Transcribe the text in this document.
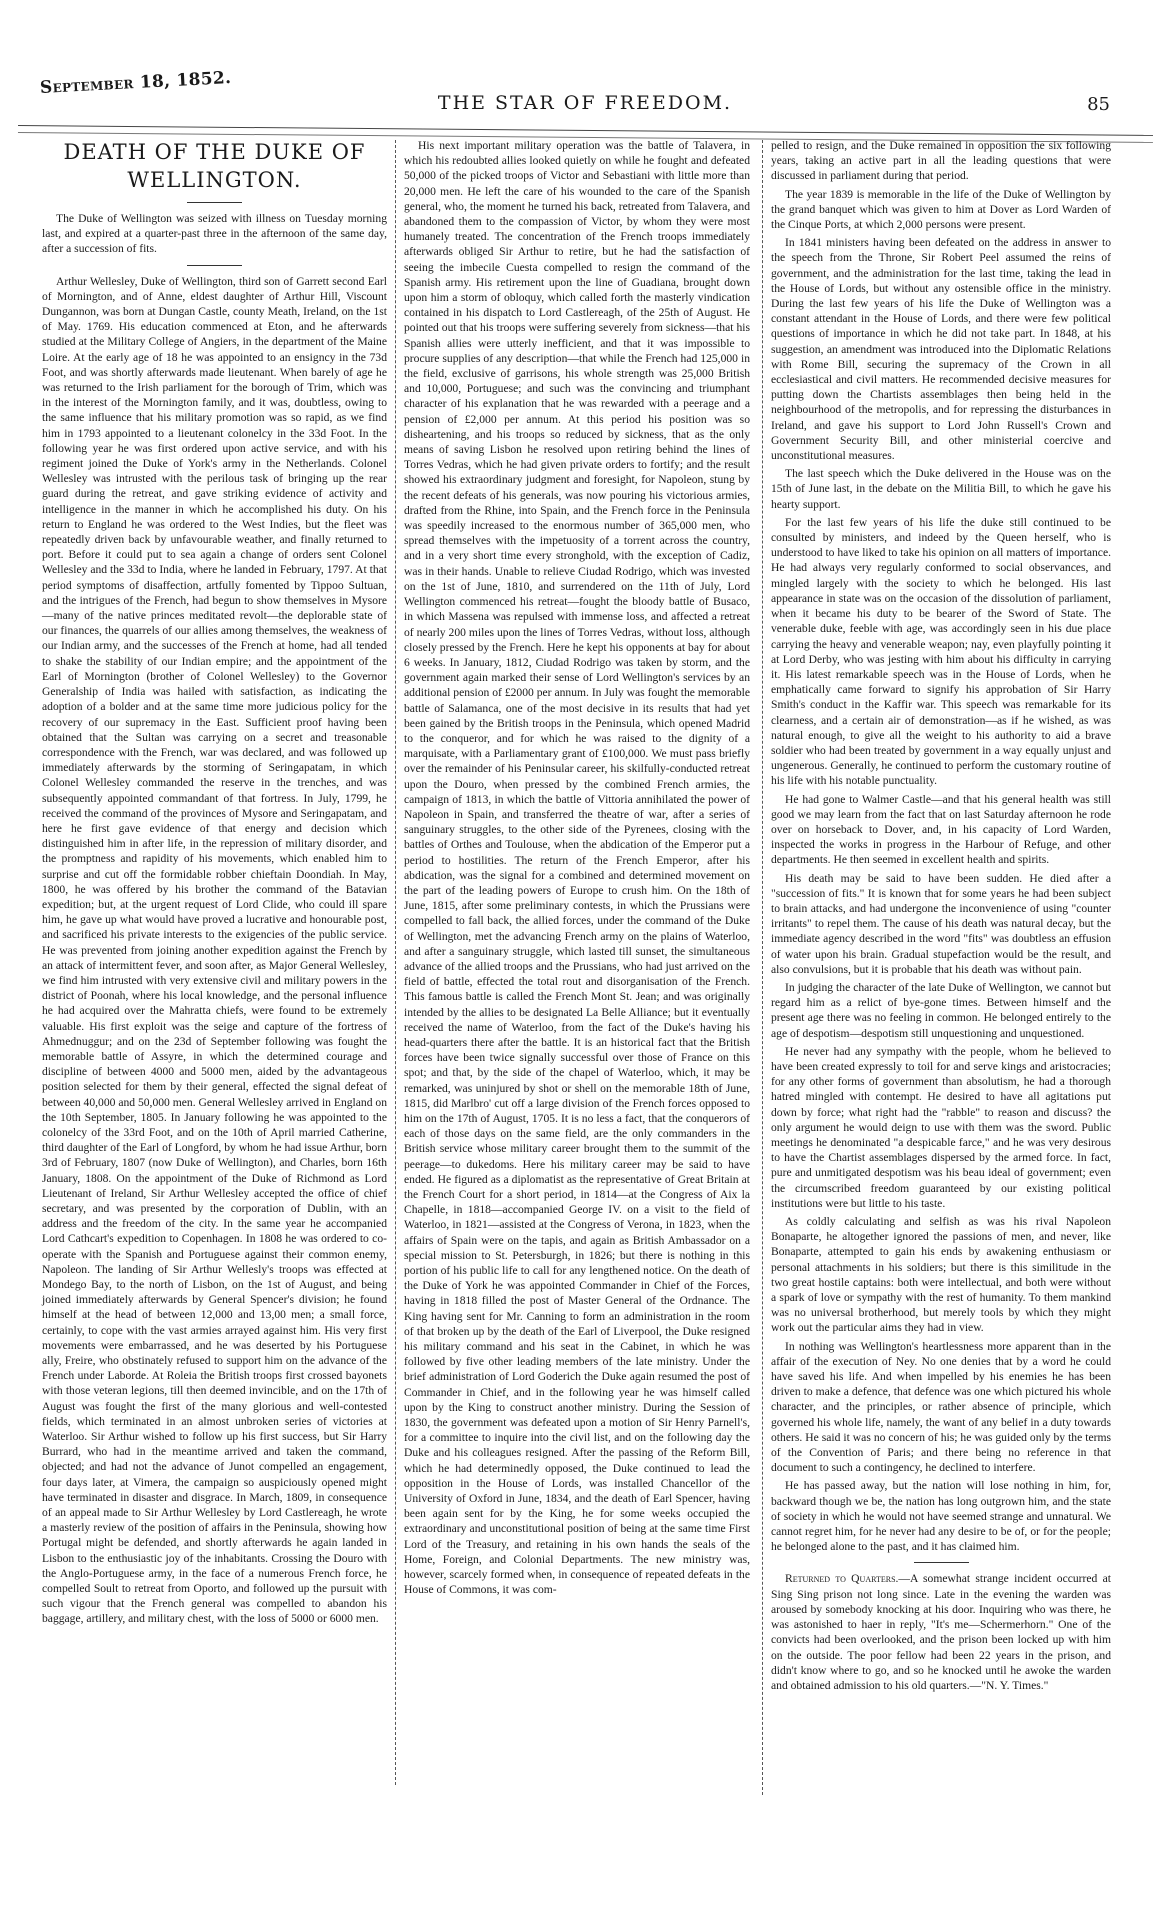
September 18, 1852.
THE STAR OF FREEDOM.	85
DEATH OF THE DUKE OF
WELLINGTON.

The Duke of Wellington was seized with illness on Tuesday morning last, and expired at a quarter-past three in the afternoon of the same day, after a succession of fits.

Arthur Wellesley, Duke of Wellington, third son of Garrett second Earl of Mornington, and of Anne, eldest daughter of Arthur Hill, Viscount Dungannon, was born at Dungan Castle, county Meath, Ireland, on the 1st of May. 1769. His education commenced at Eton, and he afterwards studied at the Military College of Angiers, in the department of the Maine Loire. At the early age of 18 he was appointed to an ensigncy in the 73d Foot, and was shortly afterwards made lieutenant. When barely of age he was returned to the Irish parliament for the borough of Trim, which was in the interest of the Mornington family, and it was, doubtless, owing to the same influence that his military promotion was so rapid, as we find him in 1793 appointed to a lieutenant colonelcy in the 33d Foot. In the following year he was first ordered upon active service, and with his regiment joined the Duke of York's army in the Netherlands. Colonel Wellesley was intrusted with the perilous task of bringing up the rear guard during the retreat, and gave striking evidence of activity and intelligence in the manner in which he accomplished his duty. On his return to England he was ordered to the West Indies, but the fleet was repeatedly driven back by unfavourable weather, and finally returned to port. Before it could put to sea again a change of orders sent Colonel Wellesley and the 33d to India, where he landed in February, 1797. At that period symptoms of disaffection, artfully fomented by Tippoo Sultuan, and the intrigues of the French, had begun to show themselves in Mysore—many of the native princes meditated revolt—the deplorable state of our finances, the quarrels of our allies among themselves, the weakness of our Indian army, and the successes of the French at home, had all tended to shake the stability of our Indian empire; and the appointment of the Earl of Mornington (brother of Colonel Wellesley) to the Governor Generalship of India was hailed with satisfaction, as indicating the adoption of a bolder and at the same time more judicious policy for the recovery of our supremacy in the East. Sufficient proof having been obtained that the Sultan was carrying on a secret and treasonable correspondence with the French, war was declared, and was followed up immediately afterwards by the storming of Seringapatam, in which Colonel Wellesley commanded the reserve in the trenches, and was subsequently appointed commandant of that fortress. In July, 1799, he received the command of the provinces of Mysore and Seringapatam, and here he first gave evidence of that energy and decision which distinguished him in after life, in the repression of military disorder, and the promptness and rapidity of his movements, which enabled him to surprise and cut off the formidable robber chieftain Doondiah. In May, 1800, he was offered by his brother the command of the Batavian expedition; but, at the urgent request of Lord Clide, who could ill spare him, he gave up what would have proved a lucrative and honourable post, and sacrificed his private interests to the exigencies of the public service. He was prevented from joining another expedition against the French by an attack of intermittent fever, and soon after, as Major General Wellesley, we find him intrusted with very extensive civil and military powers in the district of Poonah, where his local knowledge, and the personal influence he had acquired over the Mahratta chiefs, were found to be extremely valuable. His first exploit was the seige and capture of the fortress of Ahmednuggur; and on the 23d of September following was fought the memorable battle of Assyre, in which the determined courage and discipline of between 4000 and 5000 men, aided by the advantageous position selected for them by their general, effected the signal defeat of between 40,000 and 50,000 men. General Wellesley arrived in England on the 10th September, 1805. In January following he was appointed to the colonelcy of the 33rd Foot, and on the 10th of April married Catherine, third daughter of the Earl of Longford, by whom he had issue Arthur, born 3rd of February, 1807 (now Duke of Wellington), and Charles, born 16th January, 1808. On the appointment of the Duke of Richmond as Lord Lieutenant of Ireland, Sir Arthur Wellesley accepted the office of chief secretary, and was presented by the corporation of Dublin, with an address and the freedom of the city. In the same year he accompanied Lord Cathcart's expedition to Copenhagen. In 1808 he was ordered to co-operate with the Spanish and Portuguese against their common enemy, Napoleon. The landing of Sir Arthur Wellesly's troops was effected at Mondego Bay, to the north of Lisbon, on the 1st of August, and being joined immediately afterwards by General Spencer's division; he found himself at the head of between 12,000 and 13,00 men; a small force, certainly, to cope with the vast armies arrayed against him. His very first movements were embarrassed, and he was deserted by his Portuguese ally, Freire, who obstinately refused to support him on the advance of the French under Laborde. At Roleia the British troops first crossed bayonets with those veteran legions, till then deemed invincible, and on the 17th of August was fought the first of the many glorious and well-contested fields, which terminated in an almost unbroken series of victories at Waterloo. Sir Arthur wished to follow up his first success, but Sir Harry Burrard, who had in the meantime arrived and taken the command, objected; and had not the advance of Junot compelled an engagement, four days later, at Vimera, the campaign so auspiciously opened might have terminated in disaster and disgrace. In March, 1809, in consequence of an appeal made to Sir Arthur Wellesley by Lord Castlereagh, he wrote a masterly review of the position of affairs in the Peninsula, showing how Portugal might be defended, and shortly afterwards he again landed in Lisbon to the enthusiastic joy of the inhabitants. Crossing the Douro with the Anglo-Portuguese army, in the face of a numerous French force, he compelled Soult to retreat from Oporto, and followed up the pursuit with such vigour that the French general was compelled to abandon his baggage, artillery, and military chest, with the loss of 5000 or 6000 men.

His next important military operation was the battle of Talavera, in which his redoubted allies looked quietly on while he fought and defeated 50,000 of the picked troops of Victor and Sebastiani with little more than 20,000 men. He left the care of his wounded to the care of the Spanish general, who, the moment he turned his back, retreated from Talavera, and abandoned them to the compassion of Victor, by whom they were most humanely treated. The concentration of the French troops immediately afterwards obliged Sir Arthur to retire, but he had the satisfaction of seeing the imbecile Cuesta compelled to resign the command of the Spanish army. His retirement upon the line of Guadiana, brought down upon him a storm of obloquy, which called forth the masterly vindication contained in his dispatch to Lord Castlereagh, of the 25th of August. He pointed out that his troops were suffering severely from sickness—that his Spanish allies were utterly inefficient, and that it was impossible to procure supplies of any description—that while the French had 125,000 in the field, exclusive of garrisons, his whole strength was 25,000 British and 10,000, Portuguese; and such was the convincing and triumphant character of his explanation that he was rewarded with a peerage and a pension of £2,000 per annum. At this period his position was so disheartening, and his troops so reduced by sickness, that as the only means of saving Lisbon he resolved upon retiring behind the lines of Torres Vedras, which he had given private orders to fortify; and the result showed his extraordinary judgment and foresight, for Napoleon, stung by the recent defeats of his generals, was now pouring his victorious armies, drafted from the Rhine, into Spain, and the French force in the Peninsula was speedily increased to the enormous number of 365,000 men, who spread themselves with the impetuosity of a torrent across the country, and in a very short time every stronghold, with the exception of Cadiz, was in their hands. Unable to relieve Ciudad Rodrigo, which was invested on the 1st of June, 1810, and surrendered on the 11th of July, Lord Wellington commenced his retreat—fought the bloody battle of Busaco, in which Massena was repulsed with immense loss, and affected a retreat of nearly 200 miles upon the lines of Torres Vedras, without loss, although closely pressed by the French. Here he kept his opponents at bay for about 6 weeks. In January, 1812, Ciudad Rodrigo was taken by storm, and the government again marked their sense of Lord Wellington's services by an additional pension of £2000 per annum. In July was fought the memorable battle of Salamanca, one of the most decisive in its results that had yet been gained by the British troops in the Peninsula, which opened Madrid to the conqueror, and for which he was raised to the dignity of a marquisate, with a Parliamentary grant of £100,000. We must pass briefly over the remainder of his Peninsular career, his skilfully-conducted retreat upon the Douro, when pressed by the combined French armies, the campaign of 1813, in which the battle of Vittoria annihilated the power of Napoleon in Spain, and transferred the theatre of war, after a series of sanguinary struggles, to the other side of the Pyrenees, closing with the battles of Orthes and Toulouse, when the abdication of the Emperor put a period to hostilities. The return of the French Emperor, after his abdication, was the signal for a combined and determined movement on the part of the leading powers of Europe to crush him. On the 18th of June, 1815, after some preliminary contests, in which the Prussians were compelled to fall back, the allied forces, under the command of the Duke of Wellington, met the advancing French army on the plains of Waterloo, and after a sanguinary struggle, which lasted till sunset, the simultaneous advance of the allied troops and the Prussians, who had just arrived on the field of battle, effected the total rout and disorganisation of the French. This famous battle is called the French Mont St. Jean; and was originally intended by the allies to be designated La Belle Alliance; but it eventually received the name of Waterloo, from the fact of the Duke's having his head-quarters there after the battle. It is an historical fact that the British forces have been twice signally successful over those of France on this spot; and that, by the side of the chapel of Waterloo, which, it may be remarked, was uninjured by shot or shell on the memorable 18th of June, 1815, did Marlbro' cut off a large division of the French forces opposed to him on the 17th of August, 1705. It is no less a fact, that the conquerors of each of those days on the same field, are the only commanders in the British service whose military career brought them to the summit of the peerage—to dukedoms. Here his military career may be said to have ended. He figured as a diplomatist as the representative of Great Britain at the French Court for a short period, in 1814—at the Congress of Aix la Chapelle, in 1818—accompanied George IV. on a visit to the field of Waterloo, in 1821—assisted at the Congress of Verona, in 1823, when the affairs of Spain were on the tapis, and again as British Ambassador on a special mission to St. Petersburgh, in 1826; but there is nothing in this portion of his public life to call for any lengthened notice. On the death of the Duke of York he was appointed Commander in Chief of the Forces, having in 1818 filled the post of Master General of the Ordnance. The King having sent for Mr. Canning to form an administration in the room of that broken up by the death of the Earl of Liverpool, the Duke resigned his military command and his seat in the Cabinet, in which he was followed by five other leading members of the late ministry. Under the brief administration of Lord Goderich the Duke again resumed the post of Commander in Chief, and in the following year he was himself called upon by the King to construct another ministry. During the Session of 1830, the government was defeated upon a motion of Sir Henry Parnell's, for a committee to inquire into the civil list, and on the following day the Duke and his colleagues resigned. After the passing of the Reform Bill, which he had determinedly opposed, the Duke continued to lead the opposition in the House of Lords, was installed Chancellor of the University of Oxford in June, 1834, and the death of Earl Spencer, having been again sent for by the King, he for some weeks occupied the extraordinary and unconstitutional position of being at the same time First Lord of the Treasury, and retaining in his own hands the seals of the Home, Foreign, and Colonial Departments. The new ministry was, however, scarcely formed when, in consequence of repeated defeats in the House of Commons, it was com-

pelled to resign, and the Duke remained in opposition the six following years, taking an active part in all the leading questions that were discussed in parliament during that period.

The year 1839 is memorable in the life of the Duke of Wellington by the grand banquet which was given to him at Dover as Lord Warden of the Cinque Ports, at which 2,000 persons were present.

In 1841 ministers having been defeated on the address in answer to the speech from the Throne, Sir Robert Peel assumed the reins of government, and the administration for the last time, taking the lead in the House of Lords, but without any ostensible office in the ministry. During the last few years of his life the Duke of Wellington was a constant attendant in the House of Lords, and there were few political questions of importance in which he did not take part. In 1848, at his suggestion, an amendment was introduced into the Diplomatic Relations with Rome Bill, securing the supremacy of the Crown in all ecclesiastical and civil matters. He recommended decisive measures for putting down the Chartists assemblages then being held in the neighbourhood of the metropolis, and for repressing the disturbances in Ireland, and gave his support to Lord John Russell's Crown and Government Security Bill, and other ministerial coercive and unconstitutional measures.

The last speech which the Duke delivered in the House was on the 15th of June last, in the debate on the Militia Bill, to which he gave his hearty support.

For the last few years of his life the duke still continued to be consulted by ministers, and indeed by the Queen herself, who is understood to have liked to take his opinion on all matters of importance. He had always very regularly conformed to social observances, and mingled largely with the society to which he belonged. His last appearance in state was on the occasion of the dissolution of parliament, when it became his duty to be bearer of the Sword of State. The venerable duke, feeble with age, was accordingly seen in his due place carrying the heavy and venerable weapon; nay, even playfully pointing it at Lord Derby, who was jesting with him about his difficulty in carrying it. His latest remarkable speech was in the House of Lords, when he emphatically came forward to signify his approbation of Sir Harry Smith's conduct in the Kaffir war. This speech was remarkable for its clearness, and a certain air of demonstration—as if he wished, as was natural enough, to give all the weight to his authority to aid a brave soldier who had been treated by government in a way equally unjust and ungenerous. Generally, he continued to perform the customary routine of his life with his notable punctuality.

He had gone to Walmer Castle—and that his general health was still good we may learn from the fact that on last Saturday afternoon he rode over on horseback to Dover, and, in his capacity of Lord Warden, inspected the works in progress in the Harbour of Refuge, and other departments. He then seemed in excellent health and spirits.

His death may be said to have been sudden. He died after a "succession of fits." It is known that for some years he had been subject to brain attacks, and had undergone the inconvenience of using "counter irritants" to repel them. The cause of his death was natural decay, but the immediate agency described in the word "fits" was doubtless an effusion of water upon his brain. Gradual stupefaction would be the result, and also convulsions, but it is probable that his death was without pain.

In judging the character of the late Duke of Wellington, we cannot but regard him as a relict of bye-gone times. Between himself and the present age there was no feeling in common. He belonged entirely to the age of despotism—despotism still unquestioning and unquestioned.

He never had any sympathy with the people, whom he believed to have been created expressly to toil for and serve kings and aristocracies; for any other forms of government than absolutism, he had a thorough hatred mingled with contempt. He desired to have all agitations put down by force; what right had the "rabble" to reason and discuss? the only argument he would deign to use with them was the sword. Public meetings he denominated "a despicable farce," and he was very desirous to have the Chartist assemblages dispersed by the armed force. In fact, pure and unmitigated despotism was his beau ideal of government; even the circumscribed freedom guaranteed by our existing political institutions were but little to his taste.

As coldly calculating and selfish as was his rival Napoleon Bonaparte, he altogether ignored the passions of men, and never, like Bonaparte, attempted to gain his ends by awakening enthusiasm or personal attachments in his soldiers; but there is this similitude in the two great hostile captains: both were intellectual, and both were without a spark of love or sympathy with the rest of humanity. To them mankind was no universal brotherhood, but merely tools by which they might work out the particular aims they had in view.

In nothing was Wellington's heartlessness more apparent than in the affair of the execution of Ney. No one denies that by a word he could have saved his life. And when impelled by his enemies he has been driven to make a defence, that defence was one which pictured his whole character, and the principles, or rather absence of principle, which governed his whole life, namely, the want of any belief in a duty towards others. He said it was no concern of his; he was guided only by the terms of the Convention of Paris; and there being no reference in that document to such a contingency, he declined to interfere.

He has passed away, but the nation will lose nothing in him, for, backward though we be, the nation has long outgrown him, and the state of society in which he would not have seemed strange and unnatural. We cannot regret him, for he never had any desire to be of, or for the people; he belonged alone to the past, and it has claimed him.

Returned to Quarters.—A somewhat strange incident occurred at Sing Sing prison not long since. Late in the evening the warden was aroused by somebody knocking at his door. Inquiring who was there, he was astonished to haer in reply, "It's me—Schermerhorn." One of the convicts had been overlooked, and the prison been locked up with him on the outside. The poor fellow had been 22 years in the prison, and didn't know where to go, and so he knocked until he awoke the warden and obtained admission to his old quarters.—"N. Y. Times."
